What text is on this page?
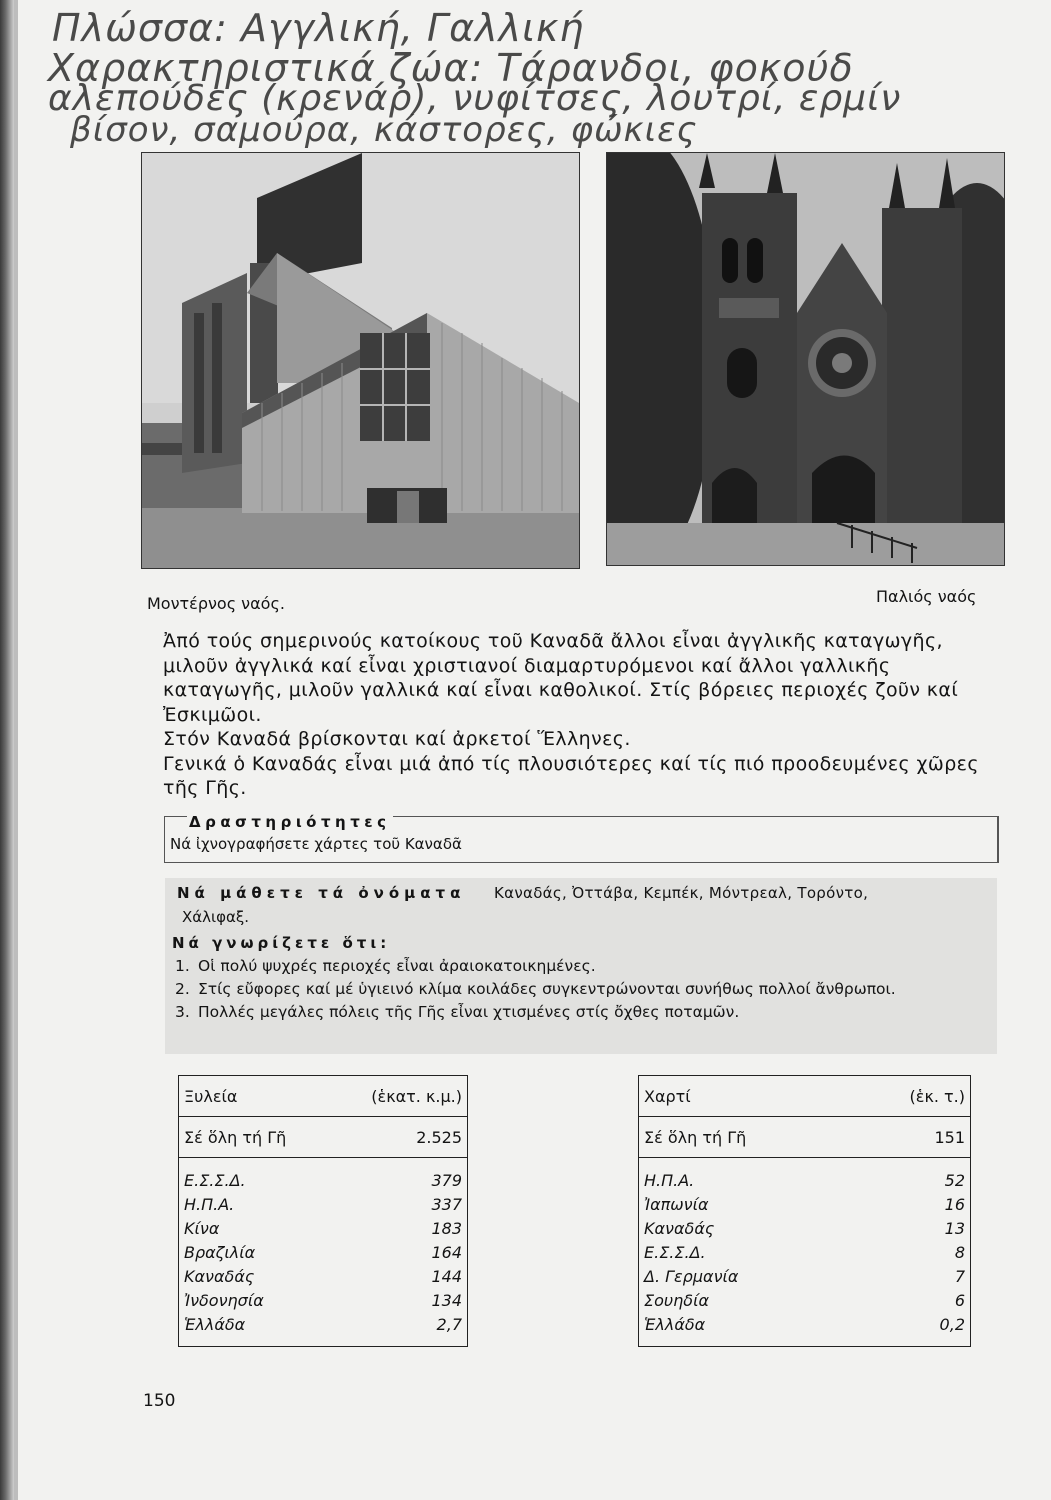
Πλώσσα: Αγγλική, Γαλλική
Χαρακτηριστικά ζώα: Τάρανδοι, φοκούδ
αλεπούδες (κρενάρ), νυφίτσες, λουτρί, ερμίν
βίσον, σαμούρα, κάστορες, φώκιες
Μοντέρνος ναός.	Παλιός ναός

Ἀπό τούς σημερινούς κατοίκους τοῦ Καναδᾶ ἄλλοι εἶναι ἀγγλικῆς καταγωγῆς, μιλοῦν ἀγγλικά καί εἶναι χριστιανοί διαμαρτυρόμενοι καί ἄλλοι γαλλικῆς καταγωγῆς, μιλοῦν γαλλικά καί εἶναι καθολικοί. Στίς βόρειες περιοχές ζοῦν καί Ἐσκιμῶοι.

Στόν Καναδά βρίσκονται καί ἀρκετοί Ἕλληνες.

Γενικά ὁ Καναδάς εἶναι μιά ἀπό τίς πλουσιότερες καί τίς πιό προοδευμένες χῶρες τῆς Γῆς.

Δραστηριότητες
Νά ἰχνογραφήσετε χάρτες τοῦ Καναδᾶ
Νά μάθετε τά ὀνόματα Καναδάς, Ὀττάβα, Κεμπέκ, Μόντρεαλ, Τορόντο,
Χάλιφαξ.
Νά γνωρίζετε ὅτι:
1. Οἱ πολύ ψυχρές περιοχές εἶναι ἀραιοκατοικημένες.
2. Στίς εὔφορες καί μέ ὑγιεινό κλίμα κοιλάδες συγκεντρώνονται συνήθως πολλοί ἄνθρωποι.
3. Πολλές μεγάλες πόλεις τῆς Γῆς εἶναι χτισμένες στίς ὄχθες ποταμῶν.
Ξυλεία	(ἑκατ. κ.μ.)
Σέ ὅλη τή Γῆ	2.525

Ε.Σ.Σ.Δ.	379
Η.Π.Α.	337
Κίνα	183
Βραζιλία	164
Καναδάς	144
Ἰνδονησία	134
Ἑλλάδα	2,7

Χαρτί	(ἑκ. τ.)
Σέ ὅλη τή Γῆ	151

Η.Π.Α.	52
Ἰαπωνία	16
Καναδάς	13
Ε.Σ.Σ.Δ.	8
Δ. Γερμανία	7
Σουηδία	6
Ἑλλάδα	0,2

150
